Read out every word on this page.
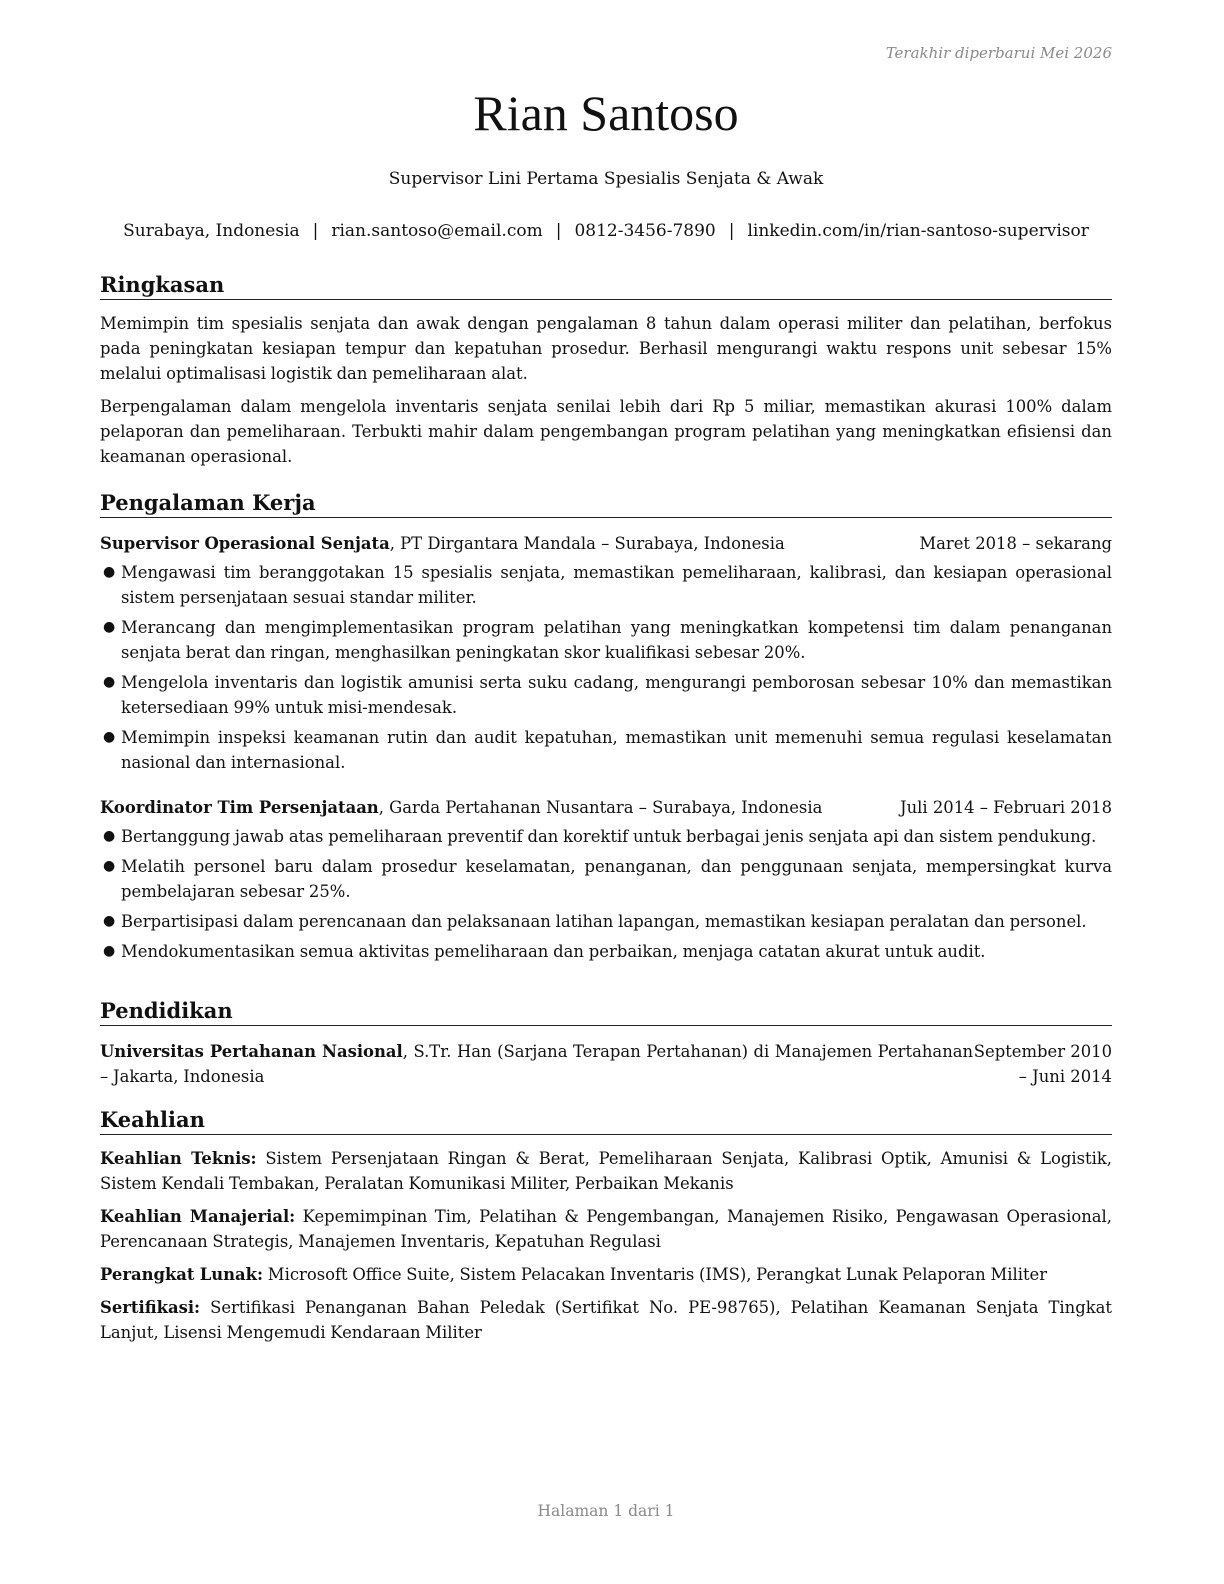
Terakhir diperbarui Mei 2026
Rian Santoso
Supervisor Lini Pertama Spesialis Senjata & Awak
Surabaya, Indonesia | rian.santoso@email.com | 0812-3456-7890 | linkedin.com/in/rian-santoso-supervisor
Ringkasan

Memimpin tim spesialis senjata dan awak dengan pengalaman 8 tahun dalam operasi militer dan pelatihan, berfokus pada peningkatan kesiapan tempur dan kepatuhan prosedur. Berhasil mengurangi waktu respons unit sebesar 15% melalui optimalisasi logistik dan pemeliharaan alat.

Berpengalaman dalam mengelola inventaris senjata senilai lebih dari Rp 5 miliar, memastikan akurasi 100% dalam pelaporan dan pemeliharaan. Terbukti mahir dalam pengembangan program pelatihan yang meningkatkan efisiensi dan keamanan operasional.

Pengalaman Kerja
Supervisor Operasional Senjata, PT Dirgantara Mandala – Surabaya, Indonesia	Maret 2018 – sekarang
● Mengawasi tim beranggotakan 15 spesialis senjata, memastikan pemeliharaan, kalibrasi, dan kesiapan operasional sistem persenjataan sesuai standar militer.
● Merancang dan mengimplementasikan program pelatihan yang meningkatkan kompetensi tim dalam penanganan senjata berat dan ringan, menghasilkan peningkatan skor kualifikasi sebesar 20%.
● Mengelola inventaris dan logistik amunisi serta suku cadang, mengurangi pemborosan sebesar 10% dan memastikan ketersediaan 99% untuk misi-mendesak.
● Memimpin inspeksi keamanan rutin dan audit kepatuhan, memastikan unit memenuhi semua regulasi keselamatan nasional dan internasional.
Koordinator Tim Persenjataan, Garda Pertahanan Nusantara – Surabaya, Indonesia	Juli 2014 – Februari 2018
● Bertanggung jawab atas pemeliharaan preventif dan korektif untuk berbagai jenis senjata api dan sistem pendukung.
● Melatih personel baru dalam prosedur keselamatan, penanganan, dan penggunaan senjata, mempersingkat kurva pembelajaran sebesar 25%.
● Berpartisipasi dalam perencanaan dan pelaksanaan latihan lapangan, memastikan kesiapan peralatan dan personel.
● Mendokumentasikan semua aktivitas pemeliharaan dan perbaikan, menjaga catatan akurat untuk audit.
Pendidikan
Universitas Pertahanan Nasional, S.Tr. Han (Sarjana Terapan Pertahanan) di Manajemen Pertahanan – Jakarta, Indonesia
September 2010 – Juni 2014
Keahlian

Keahlian Teknis: Sistem Persenjataan Ringan & Berat, Pemeliharaan Senjata, Kalibrasi Optik, Amunisi & Logistik, Sistem Kendali Tembakan, Peralatan Komunikasi Militer, Perbaikan Mekanis

Keahlian Manajerial: Kepemimpinan Tim, Pelatihan & Pengembangan, Manajemen Risiko, Pengawasan Operasional, Perencanaan Strategis, Manajemen Inventaris, Kepatuhan Regulasi

Perangkat Lunak: Microsoft Office Suite, Sistem Pelacakan Inventaris (IMS), Perangkat Lunak Pelaporan Militer

Sertifikasi: Sertifikasi Penanganan Bahan Peledak (Sertifikat No. PE-98765), Pelatihan Keamanan Senjata Tingkat Lanjut, Lisensi Mengemudi Kendaraan Militer

Halaman 1 dari 1
